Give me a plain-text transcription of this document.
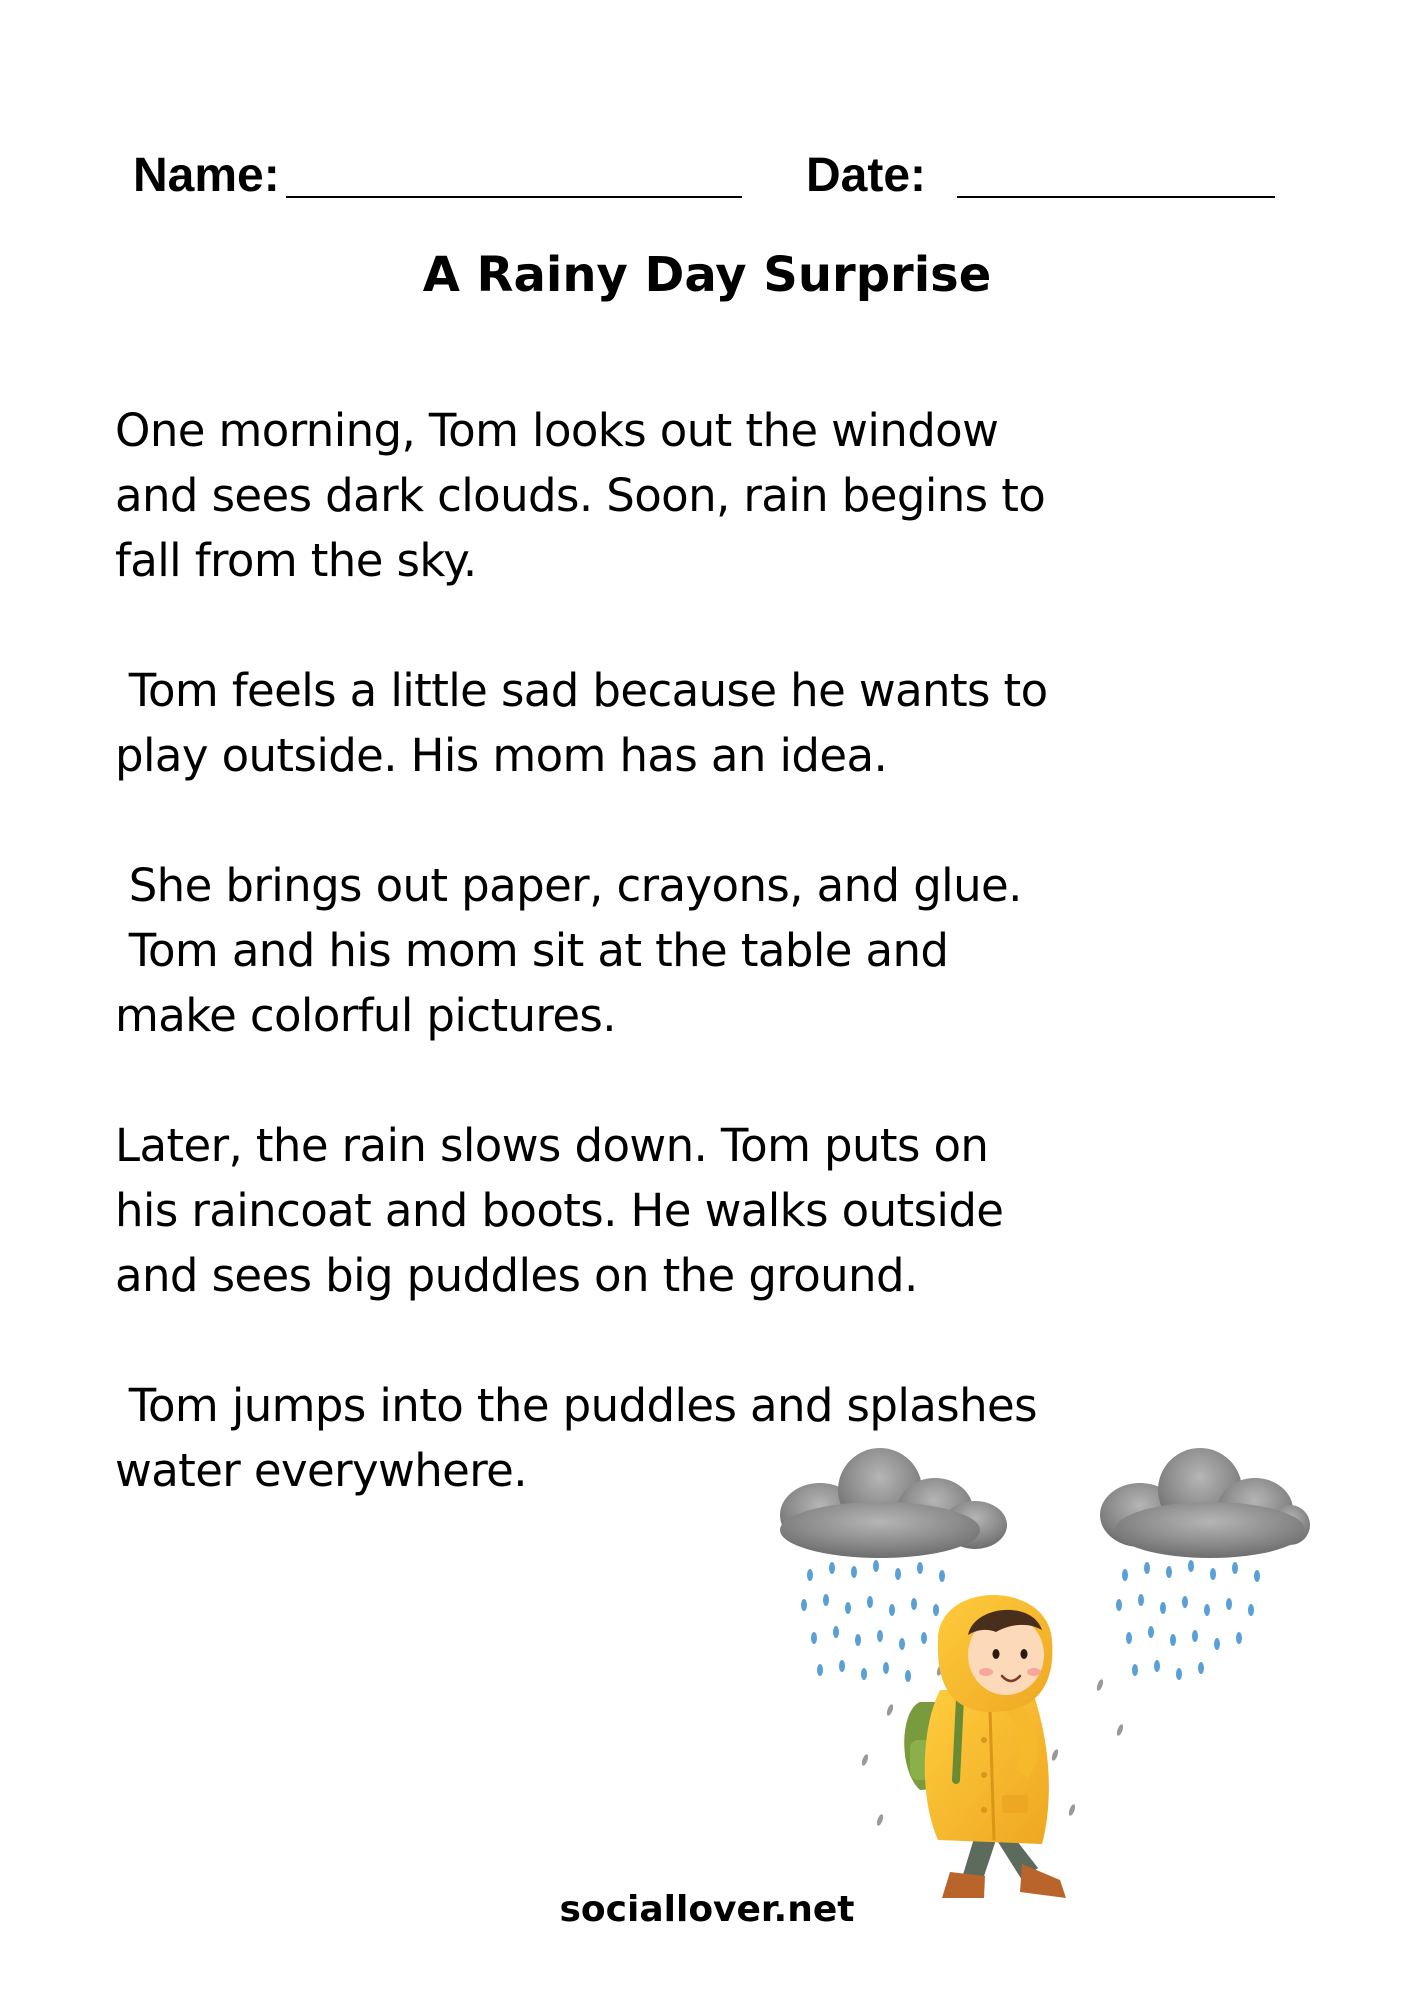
Name:	Date:
A Rainy Day Surprise

One morning, Tom looks out the window
and sees dark clouds. Soon, rain begins to
fall from the sky.

Tom feels a little sad because he wants to
play outside. His mom has an idea.

She brings out paper, crayons, and glue.
Tom and his mom sit at the table and
make colorful pictures.

Later, the rain slows down. Tom puts on
his raincoat and boots. He walks outside
and sees big puddles on the ground.

Tom jumps into the puddles and splashes
water everywhere.

sociallover.net
